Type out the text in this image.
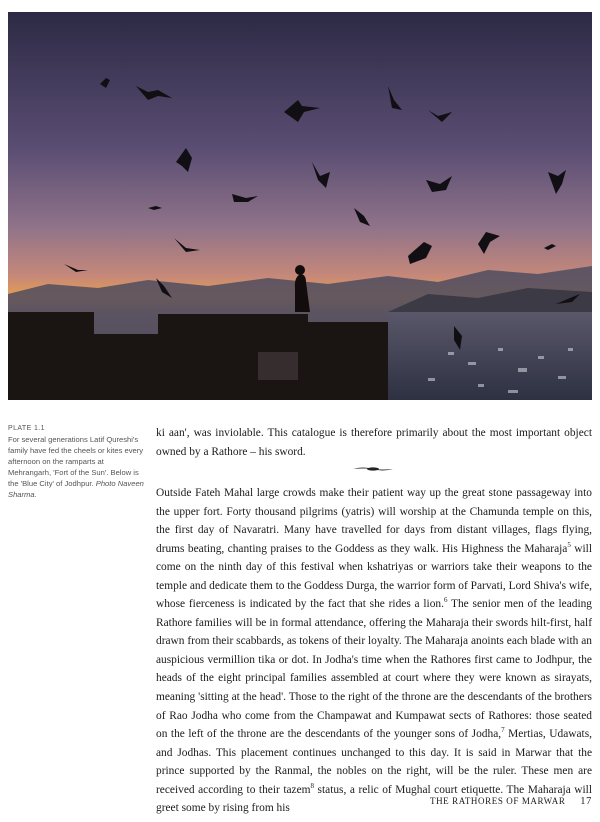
PLATE 1.1
For several generations Latif Qureshi's family have fed the cheels or kites every afternoon on the ramparts at Mehrangarh, 'Fort of the Sun'. Below is the 'Blue City' of Jodhpur. Photo Naveen Sharma.
ki aan', was inviolable. This catalogue is therefore primarily about the most important object owned by a Rathore – his sword.

Outside Fateh Mahal large crowds make their patient way up the great stone passageway into the upper fort. Forty thousand pilgrims (yatris) will worship at the Chamunda temple on this, the first day of Navaratri. Many have travelled for days from distant villages, flags flying, drums beating, chanting praises to the Goddess as they walk. His Highness the Maharaja$^5$ will come on the ninth day of this festival when kshatriyas or warriors take their weapons to the temple and dedicate them to the Goddess Durga, the warrior form of Parvati, Lord Shiva's wife, whose fierceness is indicated by the fact that she rides a lion.$^6$ The senior men of the leading Rathore families will be in formal attendance, offering the Maharaja their swords hilt-first, half drawn from their scabbards, as tokens of their loyalty. The Maharaja anoints each blade with an auspicious vermillion tika or dot. In Jodha's time when the Rathores first came to Jodhpur, the heads of the eight principal families assembled at court where they were known as sirayats, meaning 'sitting at the head'. Those to the right of the throne are the descendants of the brothers of Rao Jodha who come from the Champawat and Kumpawat sects of Rathores: those seated on the left of the throne are the descendants of the younger sons of Jodha,$^7$ Mertias, Udawats, and Jodhas. This placement continues unchanged to this day. It is said in Marwar that the prince supported by the Ranmal, the nobles on the right, will be the ruler. These men are received according to their tazem$^8$ status, a relic of Mughal court etiquette. The Maharaja will greet some by rising from his

THE RATHORES OF MARWAR 17
